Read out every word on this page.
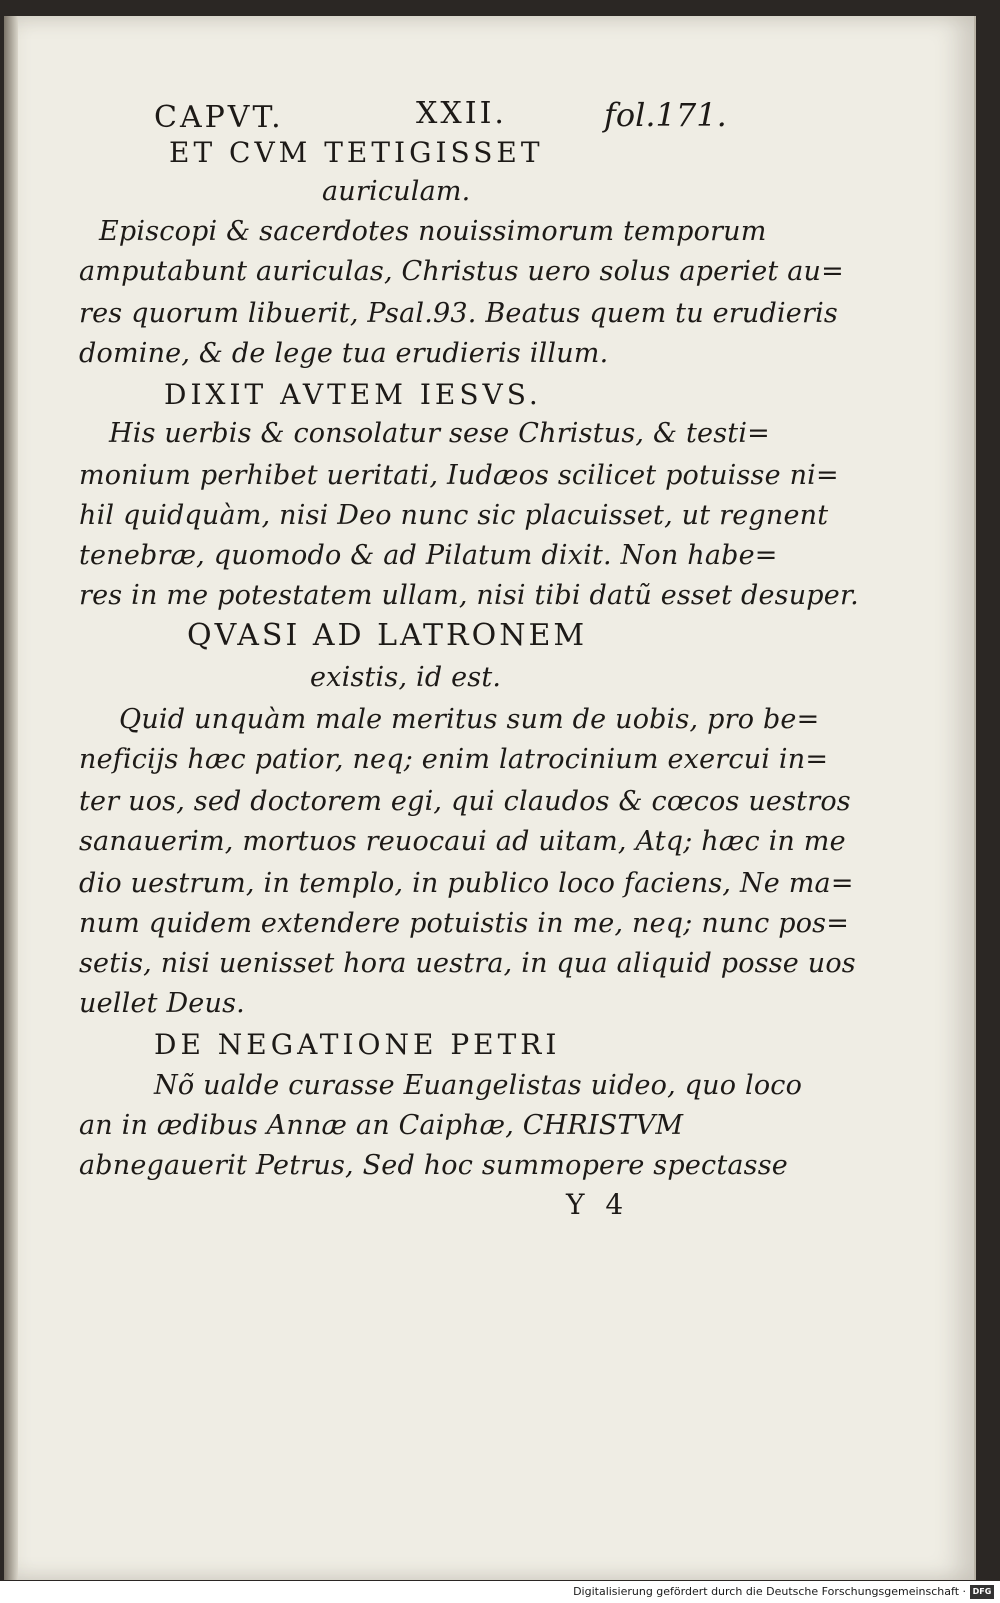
CAPVT.	XXII.	fol.171.
ET CVM TETIGISSET
auriculam.
Episcopi & sacerdotes nouissimorum temporum
amputabunt auriculas, Christus uero solus aperiet au=
res quorum libuerit, Psal.93. Beatus quem tu erudieris
domine, & de lege tua erudieris illum.
DIXIT AVTEM IESVS.
His uerbis & consolatur sese Christus, & testi=
monium perhibet ueritati, Iudæos scilicet potuisse ni=
hil quidquàm, nisi Deo nunc sic placuisset, ut regnent
tenebræ, quomodo & ad Pilatum dixit. Non habe=
res in me potestatem ullam, nisi tibi datũ esset desuper.
QVASI AD LATRONEM
existis, id est.
Quid unquàm male meritus sum de uobis, pro be=
neficijs hæc patior, neq; enim latrocinium exercui in=
ter uos, sed doctorem egi, qui claudos & cœcos uestros
sanauerim, mortuos reuocaui ad uitam, Atq; hæc in me
dio uestrum, in templo, in publico loco faciens, Ne ma=
num quidem extendere potuistis in me, neq; nunc pos=
setis, nisi uenisset hora uestra, in qua aliquid posse uos
uellet Deus.
DE NEGATIONE PETRI
Nõ ualde curasse Euangelistas uideo, quo loco
an in ædibus Annæ an Caiphæ, CHRISTVM
abnegauerit Petrus, Sed hoc summopere spectasse
Y 4
Digitalisierung gefördert durch die Deutsche Forschungsgemeinschaft · DFG
